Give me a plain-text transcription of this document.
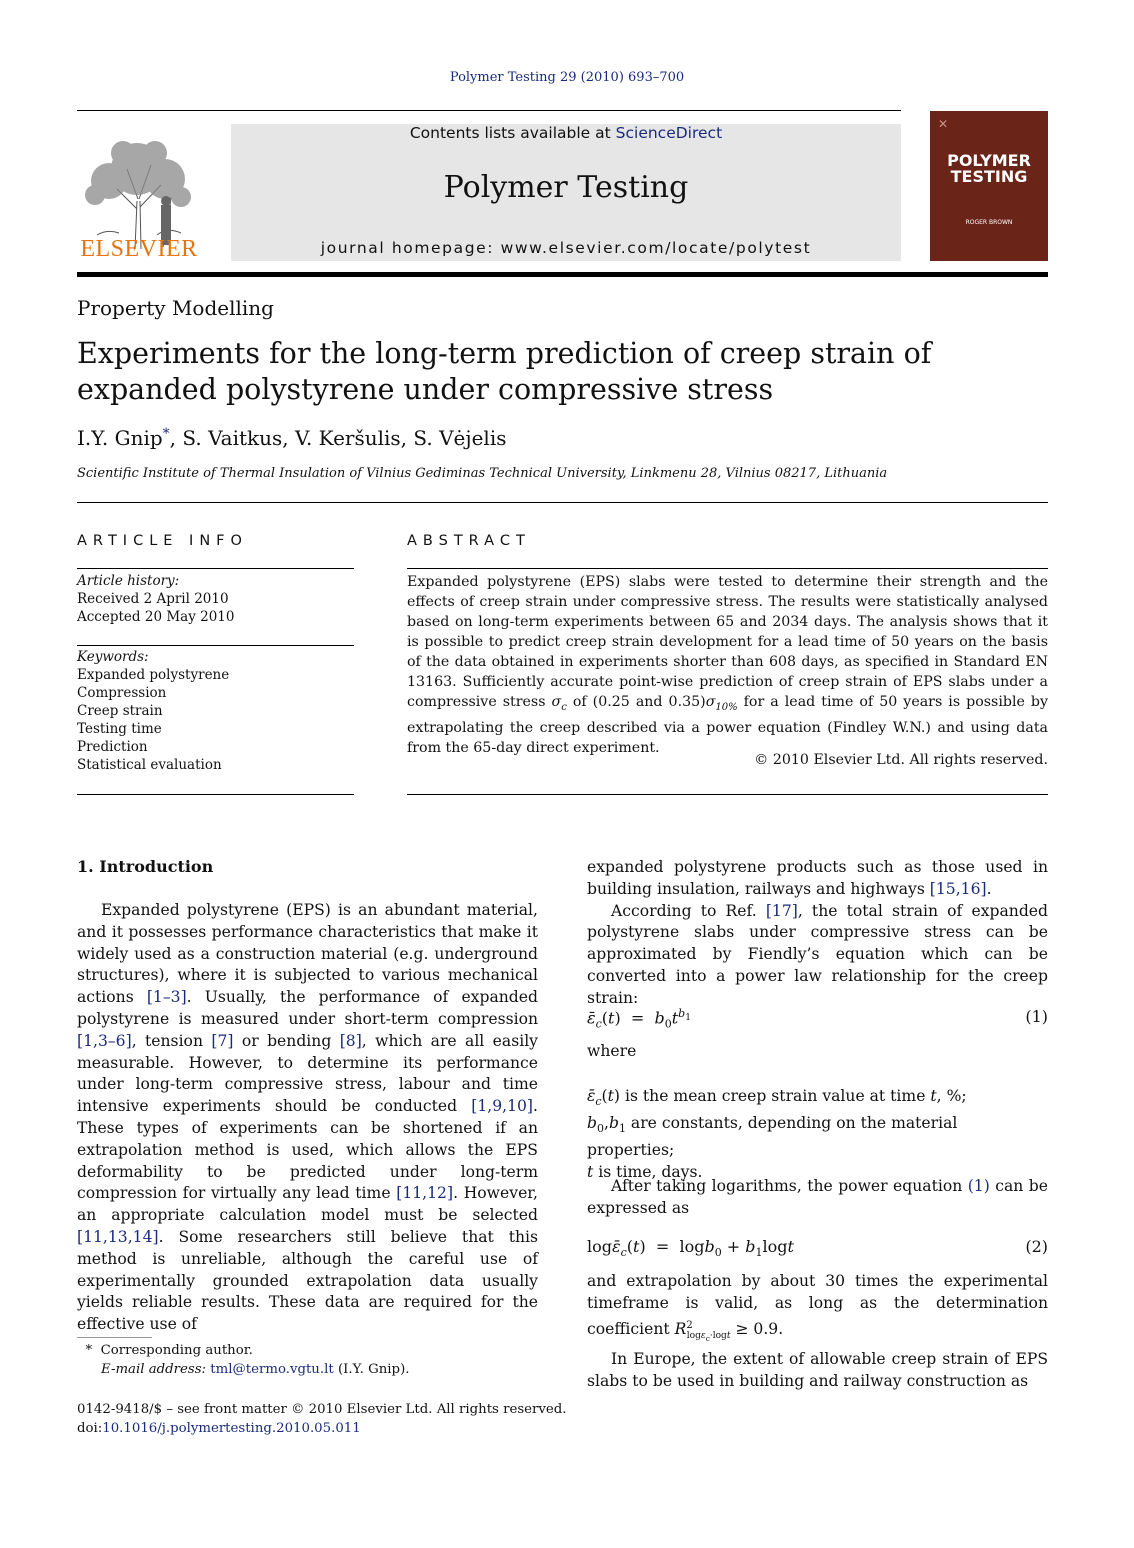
Polymer Testing 29 (2010) 693–700
ELSEVIER
Contents lists available at ScienceDirect
Polymer Testing
journal homepage: www.elsevier.com/locate/polytest
✕
POLYMER
TESTING
ROGER BROWN
Property Modelling
Experiments for the long-term prediction of creep strain of expanded polystyrene under compressive stress
I.Y. Gnip*, S. Vaitkus, V. Keršulis, S. Vėjelis
Scientific Institute of Thermal Insulation of Vilnius Gediminas Technical University, Linkmenu 28, Vilnius 08217, Lithuania
ARTICLE INFO
Article history:
Received 2 April 2010
Accepted 20 May 2010
Keywords:
Expanded polystyrene
Compression
Creep strain
Testing time
Prediction
Statistical evaluation
ABSTRACT
Expanded polystyrene (EPS) slabs were tested to determine their strength and the effects of creep strain under compressive stress. The results were statistically analysed based on long-term experiments between 65 and 2034 days. The analysis shows that it is possible to predict creep strain development for a lead time of 50 years on the basis of the data obtained in experiments shorter than 608 days, as specified in Standard EN 13163. Sufficiently accurate point-wise prediction of creep strain of EPS slabs under a compressive stress $\sigma_c$ of (0.25 and $0.35)\sigma_{10\%}$ for a lead time of 50 years is possible by extrapolating the creep described via a power equation (Findley W.N.) and using data from the 65-day direct experiment.
© 2010 Elsevier Ltd. All rights reserved.
1. Introduction

Expanded polystyrene (EPS) is an abundant material, and it possesses performance characteristics that make it widely used as a construction material (e.g. underground structures), where it is subjected to various mechanical actions [1–3]. Usually, the performance of expanded polystyrene is measured under short-term compression [1,3–6], tension [7] or bending [8], which are all easily measurable. However, to determine its performance under long-term compressive stress, labour and time intensive experiments should be conducted [1,9,10]. These types of experiments can be shortened if an extrapolation method is used, which allows the EPS deformability to be predicted under long-term compression for virtually any lead time [11,12]. However, an appropriate calculation model must be selected [11,13,14]. Some researchers still believe that this method is unreliable, although the careful use of experimentally grounded extrapolation data usually yields reliable results. These data are required for the effective use of

expanded polystyrene products such as those used in building insulation, railways and highways [15,16].

According to Ref. [17], the total strain of expanded polystyrene slabs under compressive stress can be approximated by Fiendly’s equation which can be converted into a power law relationship for the creep strain:

$\varepsilon̄_c(t) = b_0t^{b_1}$	(1)
where
$\varepsilon̄_c(t)$ is the mean creep strain value at time t, %;
$b_0,b_1$ are constants, depending on the material properties;
t is time, days.

After taking logarithms, the power equation (1) can be expressed as

$\log\varepsilon̄_c(t) = \log b_0 + b_1\log t$	(2)

and extrapolation by about 30 times the experimental timeframe is valid, as long as the determination coefficient $R^2_{log\varepsilon_c\cdot logt} \ge 0.9$.

In Europe, the extent of allowable creep strain of EPS slabs to be used in building and railway construction as

* Corresponding author.
E-mail address: tml@termo.vgtu.lt (I.Y. Gnip).
0142-9418/$ – see front matter © 2010 Elsevier Ltd. All rights reserved.
doi:10.1016/j.polymertesting.2010.05.011
